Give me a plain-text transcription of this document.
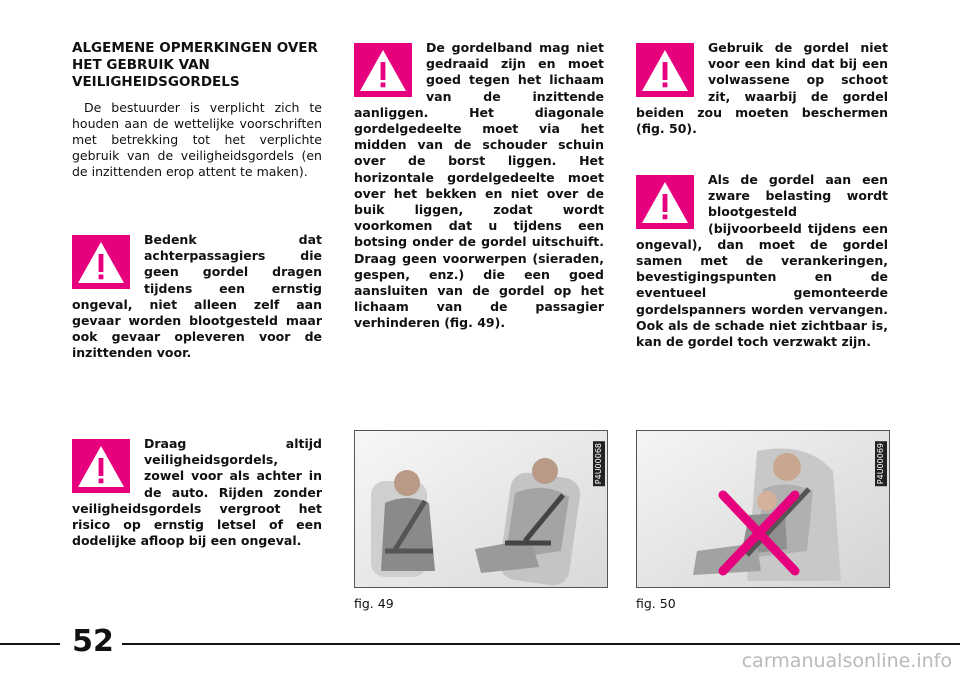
ALGEMENE OPMERKINGEN OVER HET GEBRUIK VAN VEILIGHEIDSGORDELS
De bestuurder is verplicht zich te houden aan de wettelijke voorschriften met betrekking tot het verplichte gebruik van de veiligheidsgordels (en de inzittenden erop attent te maken).
Bedenk dat achterpassagiers die geen gordel dragen tijdens een ernstig ongeval, niet alleen zelf aan gevaar worden blootgesteld maar ook gevaar opleveren voor de inzittenden voor.
Draag altijd veiligheidsgordels, zowel voor als achter in de auto. Rijden zonder veiligheidsgordels vergroot het risico op ernstig letsel of een dodelijke afloop bij een ongeval.
De gordelband mag niet gedraaid zijn en moet goed tegen het lichaam van de inzittende aanliggen. Het diagonale gordelgedeelte moet via het midden van de schouder schuin over de borst liggen. Het horizontale gordelgedeelte moet over het bekken en niet over de buik liggen, zodat wordt voorkomen dat u tijdens een botsing onder de gordel uitschuift. Draag geen voorwerpen (sieraden, gespen, enz.) die een goed aansluiten van de gordel op het lichaam van de passagier verhinderen (fig. 49).
Gebruik de gordel niet voor een kind dat bij een volwassene op schoot zit, waarbij de gordel beiden zou moeten beschermen (fig. 50).
Als de gordel aan een zware belasting wordt blootgesteld (bijvoorbeeld tijdens een ongeval), dan moet de gordel samen met de verankeringen, bevestigingspunten en de eventueel gemonteerde gordelspanners worden vervangen. Ook als de schade niet zichtbaar is, kan de gordel toch verzwakt zijn.
P4U00068
fig. 49
P4U00069
fig. 50
52
carmanualsonline.info
